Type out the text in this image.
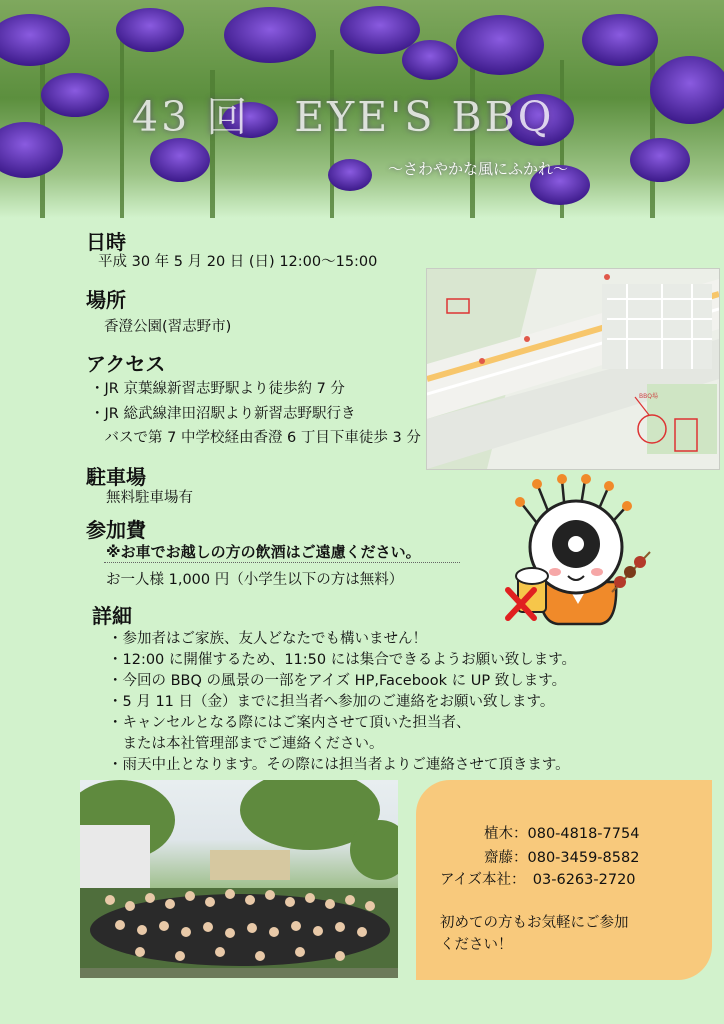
43 回　EYE'S BBQ
～さわやかな風にふかれ～
日時
平成 30 年 5 月 20 日 (日) 12:00～15:00
場所
香澄公園(習志野市)
アクセス
・JR 京葉線新習志野駅より徒歩約 7 分
・JR 総武線津田沼駅より新習志野駅行き
　バスで第 7 中学校経由香澄 6 丁目下車徒歩 3 分
BBQ場
駐車場
無料駐車場有
参加費
※お車でお越しの方の飲酒はご遠慮ください。
お一人様 1,000 円（小学生以下の方は無料）
詳細
・参加者はご家族、友人どなたでも構いません！
・12:00 に開催するため、11:50 には集合できるようお願い致します。
・今回の BBQ の風景の一部をアイズ HP,Facebook に UP 致します。
・5 月 11 日（金）までに担当者へ参加のご連絡をお願い致します。
・キャンセルとなる際にはご案内させて頂いた担当者、
　または本社管理部までご連絡ください。
・雨天中止となります。その際には担当者よりご連絡させて頂きます。
植木：080-4818-7754
齋藤：080-3459-8582
アイズ本社：　03-6263-2720
初めての方もお気軽にご参加
ください！
